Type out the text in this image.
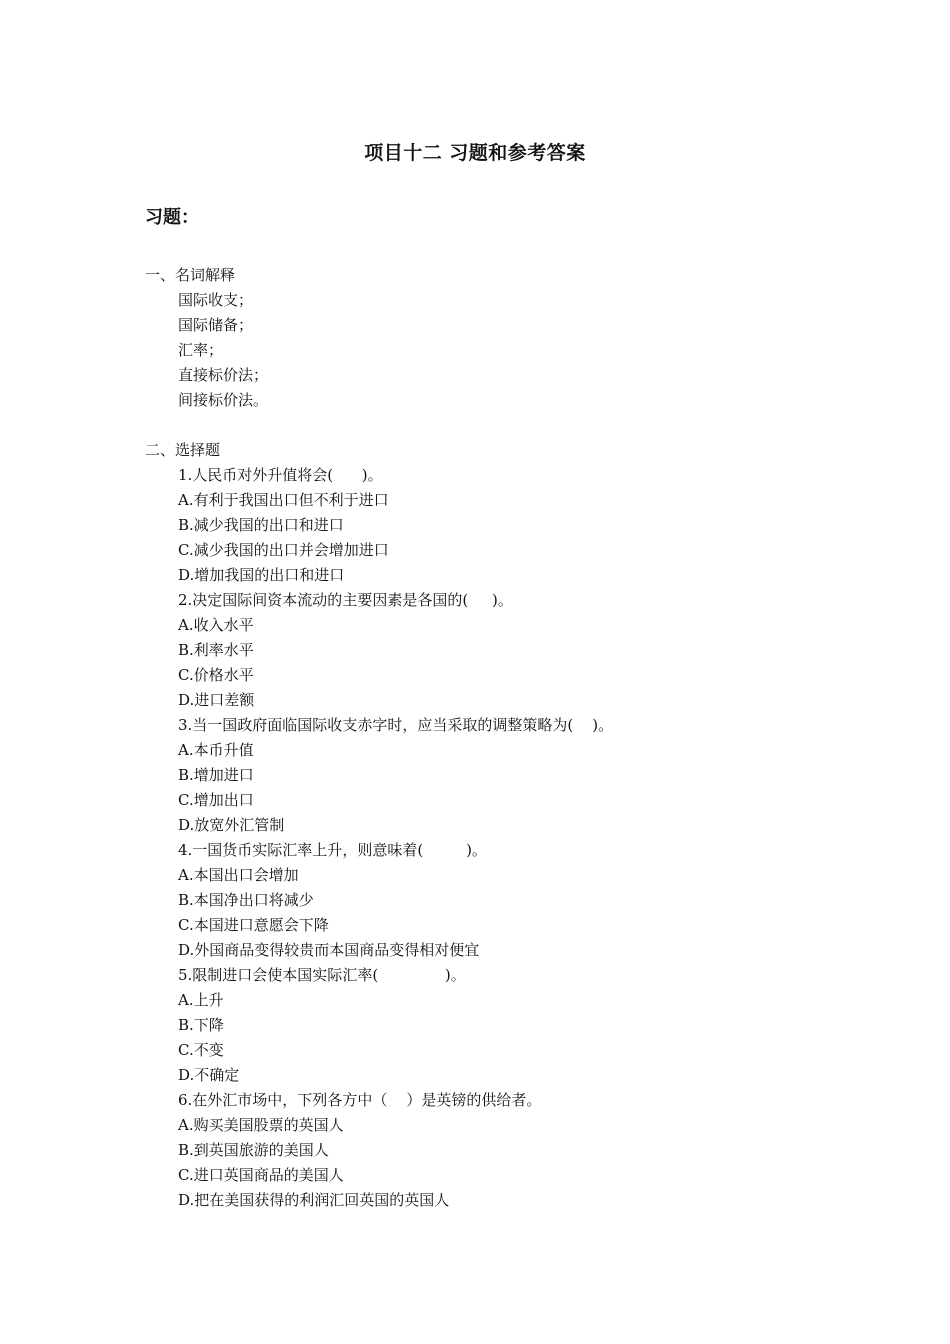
项目十二 习题和参考答案
习题：
一、名词解释
国际收支；
国际储备；
汇率；
直接标价法；
间接标价法。
二、选择题
1.人民币对外升值将会(      )。
A.有利于我国出口但不利于进口
B.减少我国的出口和进口
C.减少我国的出口并会增加进口
D.增加我国的出口和进口
2.决定国际间资本流动的主要因素是各国的(     )。
A.收入水平
B.利率水平
C.价格水平
D.进口差额
3.当一国政府面临国际收支赤字时，应当采取的调整策略为(    )。
A.本币升值
B.增加进口
C.增加出口
D.放宽外汇管制
4.一国货币实际汇率上升，则意味着(         )。
A.本国出口会增加
B.本国净出口将减少
C.本国进口意愿会下降
D.外国商品变得较贵而本国商品变得相对便宜
5.限制进口会使本国实际汇率(              )。
A.上升
B.下降
C.不变
D.不确定
6.在外汇市场中，下列各方中（    ）是英镑的供给者。
A.购买美国股票的英国人
B.到英国旅游的美国人
C.进口英国商品的美国人
D.把在美国获得的利润汇回英国的英国人
